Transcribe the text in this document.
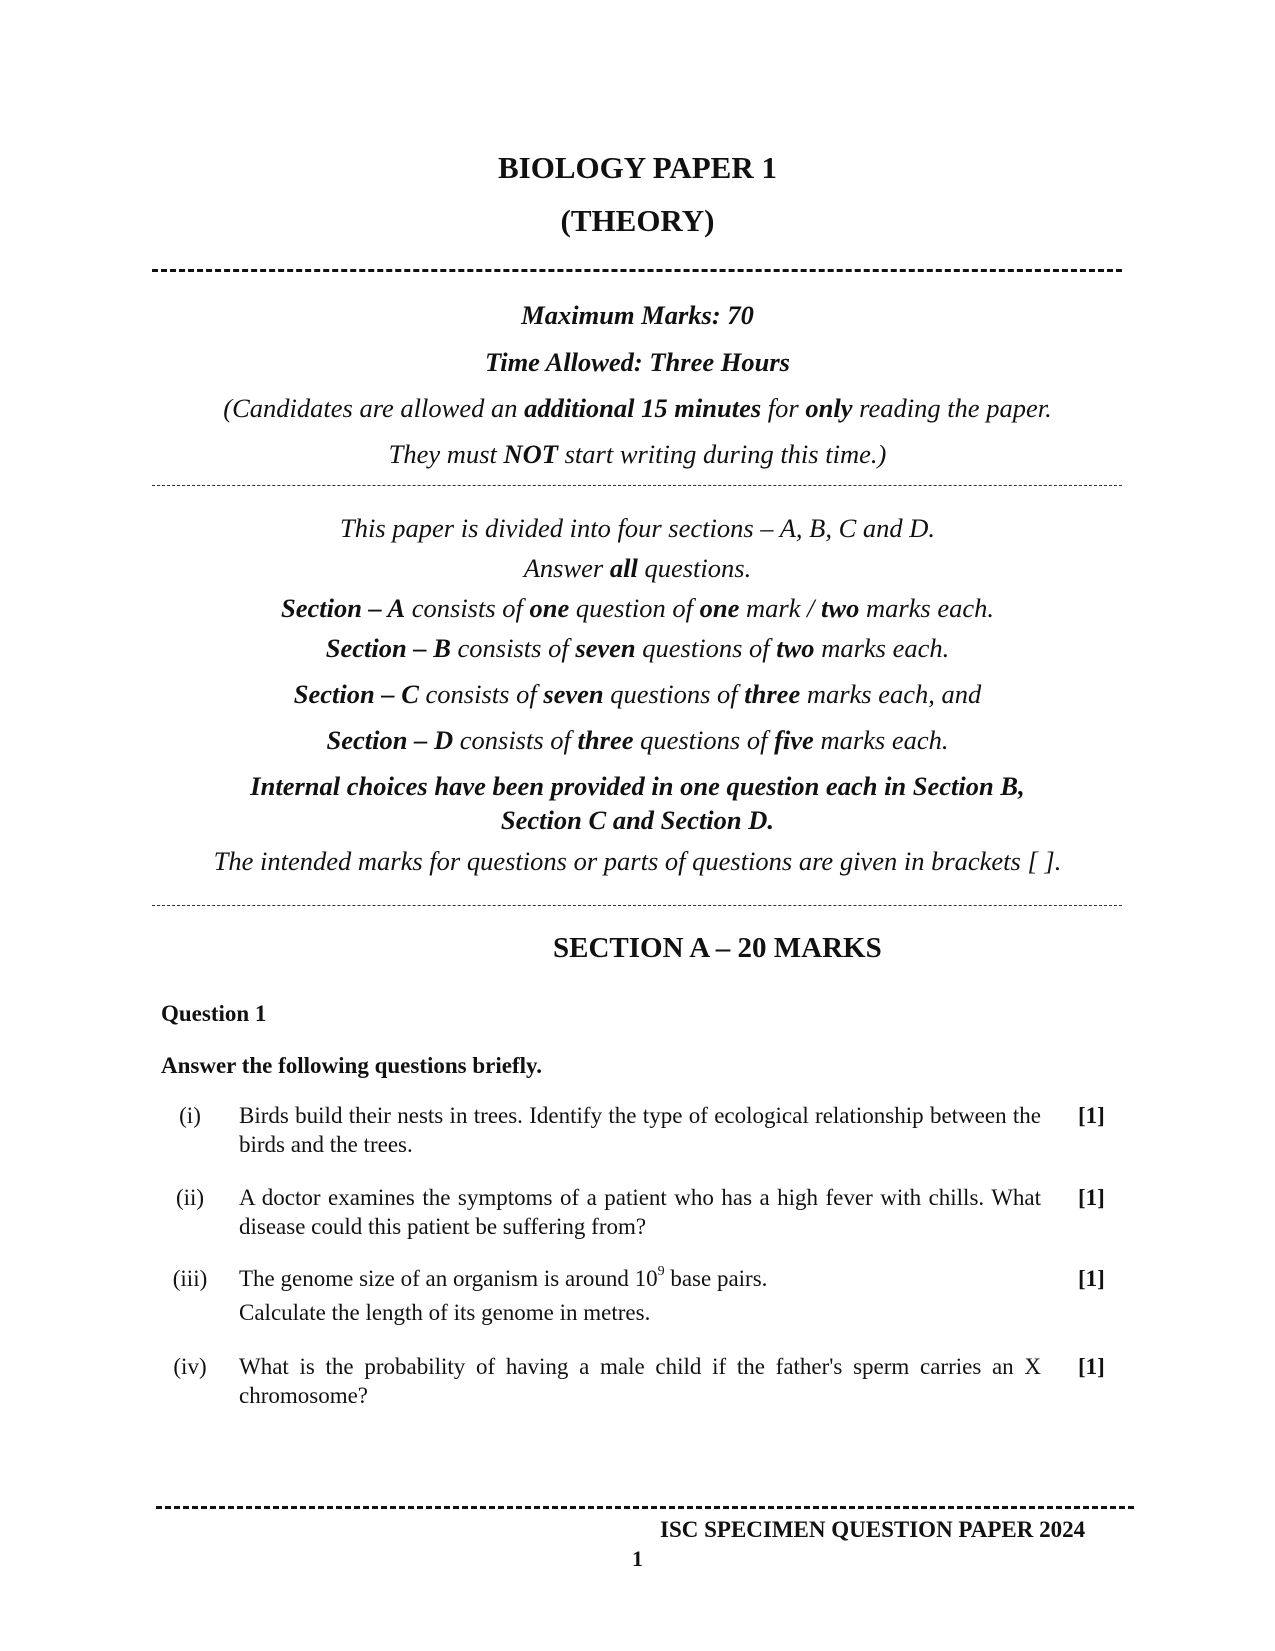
BIOLOGY PAPER 1
(THEORY)
Maximum Marks: 70
Time Allowed: Three Hours
(Candidates are allowed an additional 15 minutes for only reading the paper.
They must NOT start writing during this time.)
This paper is divided into four sections – A, B, C and D.
Answer all questions.
Section – A consists of one question of one mark / two marks each.
Section – B consists of seven questions of two marks each.
Section – C consists of seven questions of three marks each, and
Section – D consists of three questions of five marks each.
Internal choices have been provided in one question each in Section B,
Section C and Section D.
The intended marks for questions or parts of questions are given in brackets [ ].
SECTION A – 20 MARKS
Question 1
Answer the following questions briefly.
(i)	Birds build their nests in trees. Identify the type of ecological relationship between the birds and the trees.
[1]
(ii)	A doctor examines the symptoms of a patient who has a high fever with chills. What disease could this patient be suffering from?
[1]
(iii) The genome size of an organism is around $10^9$ base pairs.
Calculate the length of its genome in metres.
[1]
(iv)	What is the probability of having a male child if the father's sperm carries an X chromosome?
[1]
ISC SPECIMEN QUESTION PAPER 2024
1
